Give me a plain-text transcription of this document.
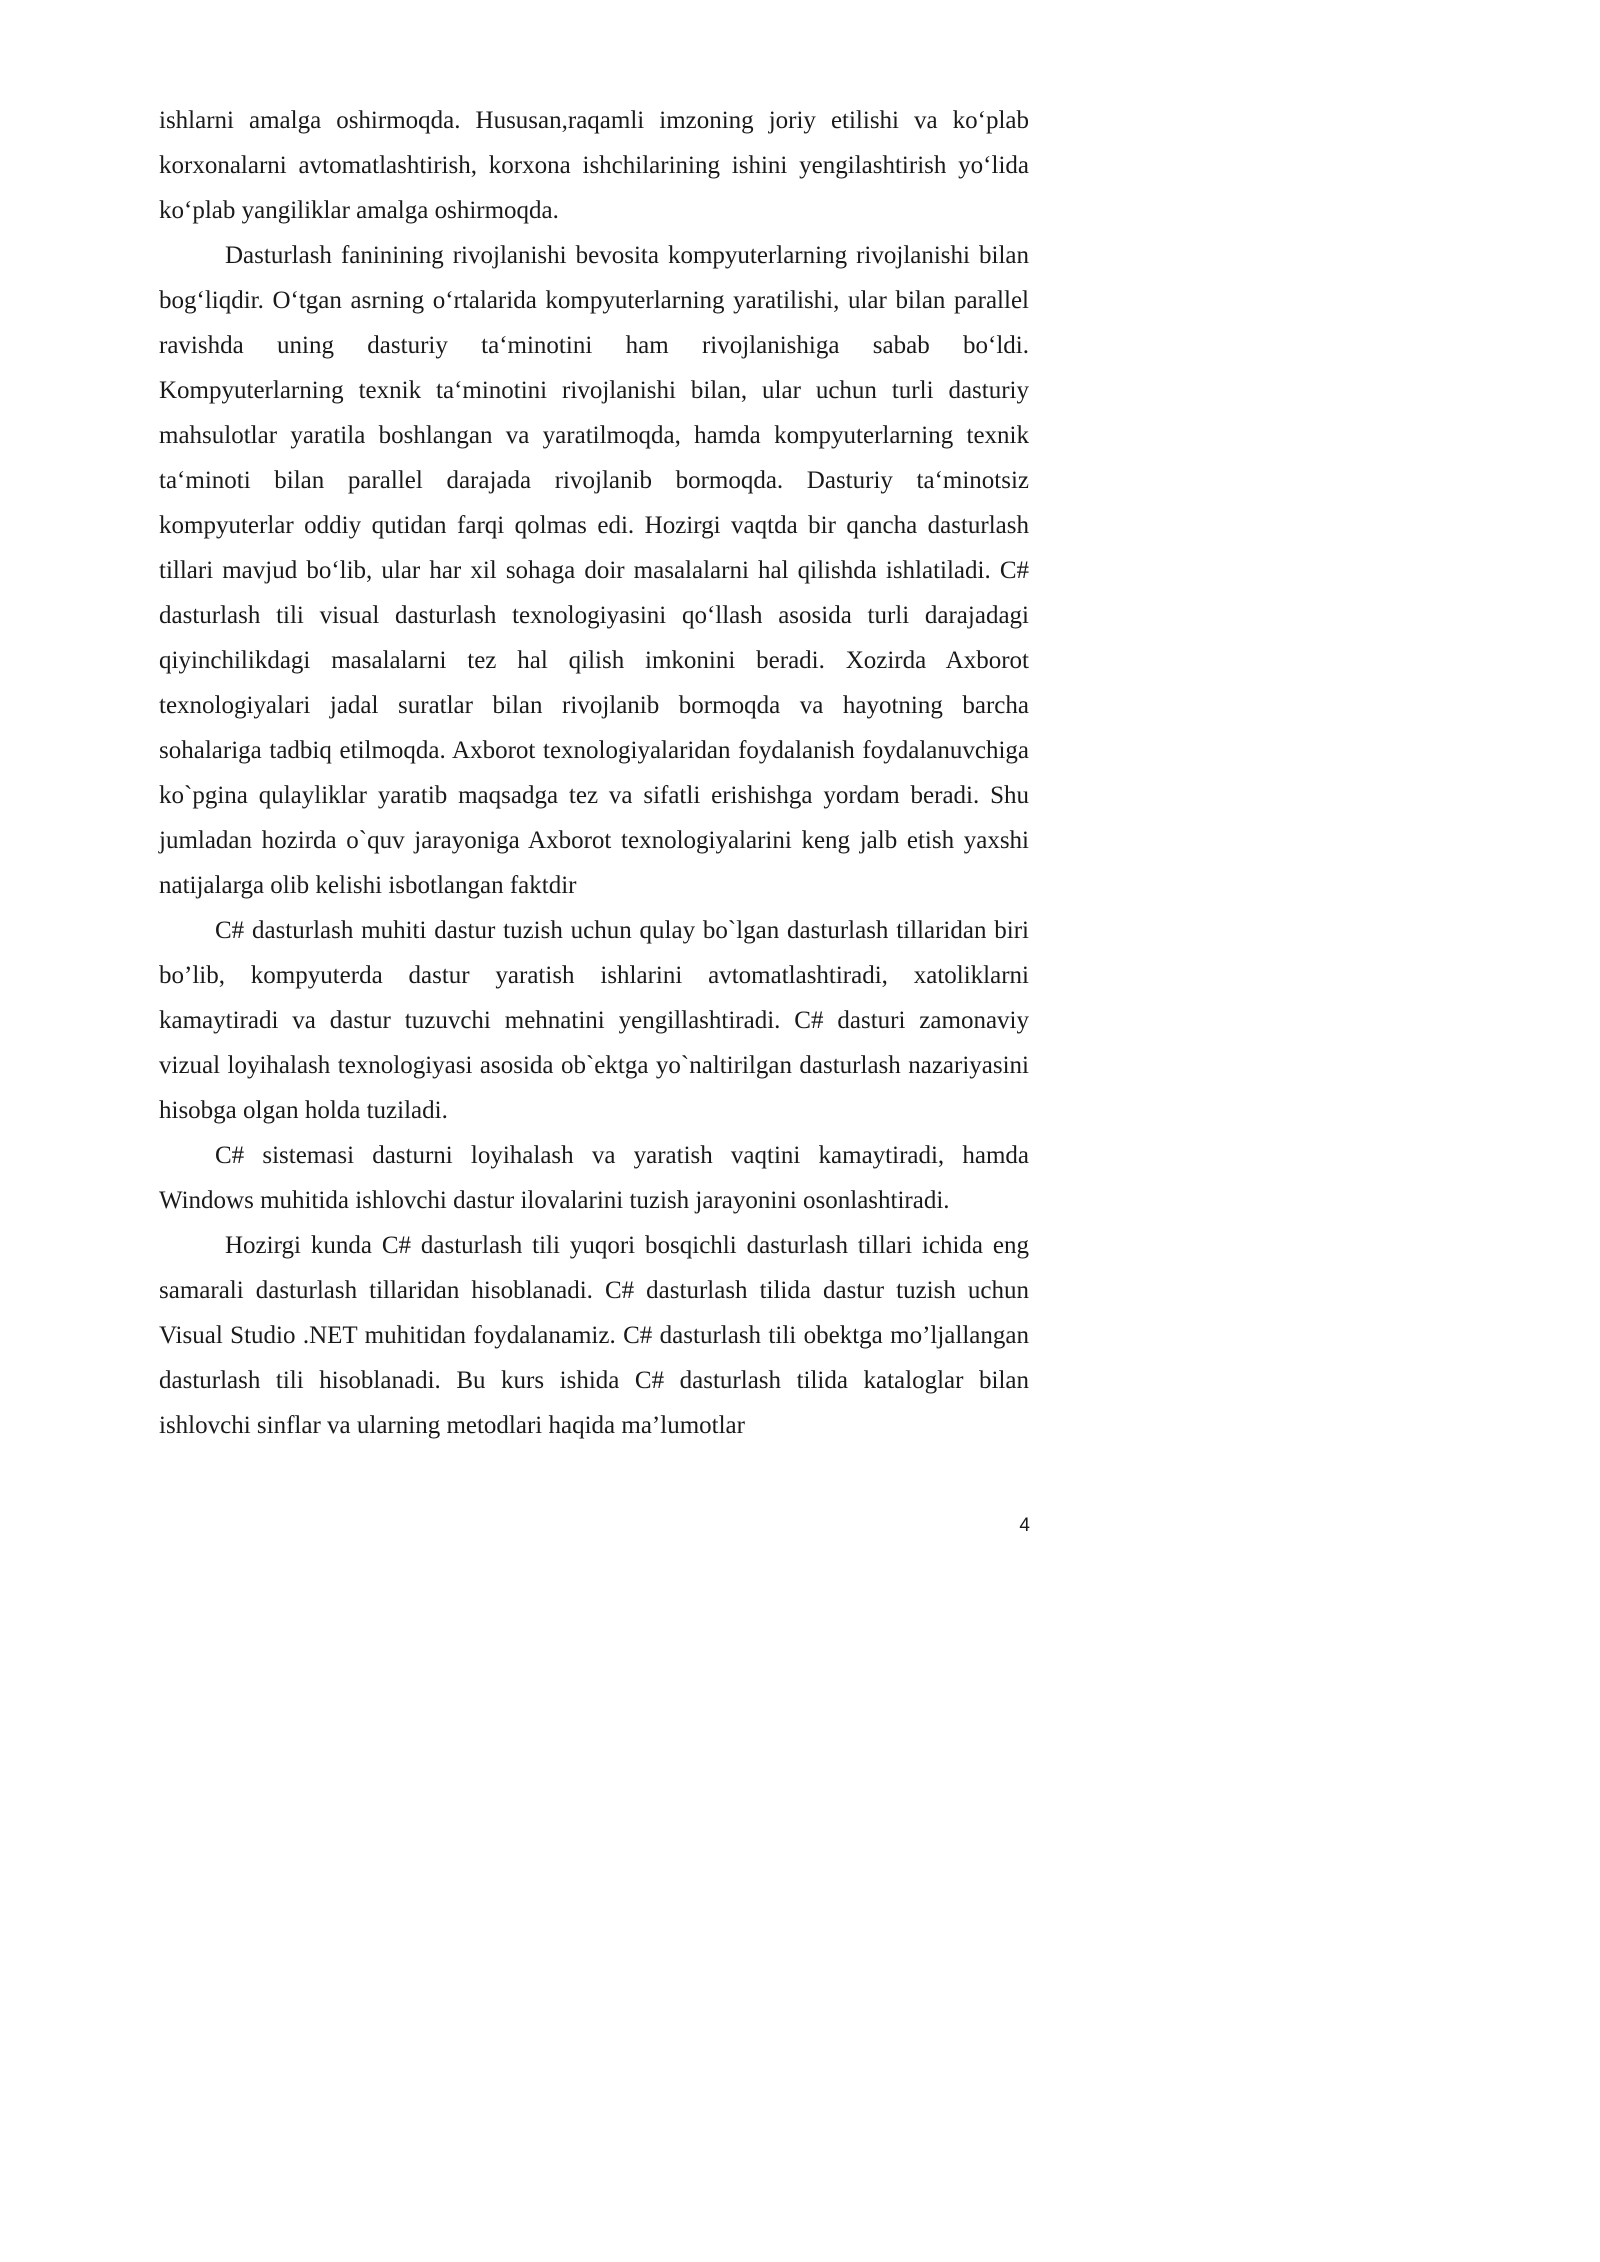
ishlarni amalga oshirmoqda. Hususan,raqamli imzoning joriy etilishi va ko‘plab korxonalarni avtomatlashtirish, korxona ishchilarining ishini yengilashtirish yo‘lida ko‘plab yangiliklar amalga oshirmoqda.

Dasturlash faninining rivojlanishi bevosita kompyuterlarning rivojlanishi bilan bog‘liqdir. O‘tgan asrning o‘rtalarida kompyuterlarning yaratilishi, ular bilan parallel ravishda uning dasturiy ta‘minotini ham rivojlanishiga sabab bo‘ldi. Kompyuterlarning texnik ta‘minotini rivojlanishi bilan, ular uchun turli dasturiy mahsulotlar yaratila boshlangan va yaratilmoqda, hamda kompyuterlarning texnik ta‘minoti bilan parallel darajada rivojlanib bormoqda. Dasturiy ta‘minotsiz kompyuterlar oddiy qutidan farqi qolmas edi. Hozirgi vaqtda bir qancha dasturlash tillari mavjud bo‘lib, ular har xil sohaga doir masalalarni hal qilishda ishlatiladi. C# dasturlash tili visual dasturlash texnologiyasini qo‘llash asosida turli darajadagi qiyinchilikdagi masalalarni tez hal qilish imkonini beradi. Xozirda Axborot texnologiyalari jadal suratlar bilan rivojlanib bormoqda va hayotning barcha sohalariga tadbiq etilmoqda. Axborot texnologiyalaridan foydalanish foydalanuvchiga ko`pgina qulayliklar yaratib maqsadga tez va sifatli erishishga yordam beradi. Shu jumladan hozirda o`quv jarayoniga Axborot texnologiyalarini keng jalb etish yaxshi natijalarga olib kelishi isbotlangan faktdir

C# dasturlash muhiti dastur tuzish uchun qulay bo`lgan dasturlash tillaridan biri bo’lib, kompyuterda dastur yaratish ishlarini avtomatlashtiradi, xatoliklarni kamaytiradi va dastur tuzuvchi mehnatini yengillashtiradi. C# dasturi zamonaviy vizual loyihalash texnologiyasi asosida ob`ektga yo`naltirilgan dasturlash nazariyasini hisobga olgan holda tuziladi.

C# sistemasi dasturni loyihalash va yaratish vaqtini kamaytiradi, hamda Windows muhitida ishlovchi dastur ilovalarini tuzish jarayonini osonlashtiradi.

Hozirgi kunda C# dasturlash tili yuqori bosqichli dasturlash tillari ichida eng samarali dasturlash tillaridan hisoblanadi. C# dasturlash tilida dastur tuzish uchun Visual Studio .NET muhitidan foydalanamiz. C# dasturlash tili obektga mo’ljallangan dasturlash tili hisoblanadi. Bu kurs ishida C# dasturlash tilida kataloglar bilan ishlovchi sinflar va ularning metodlari haqida ma’lumotlar

4
